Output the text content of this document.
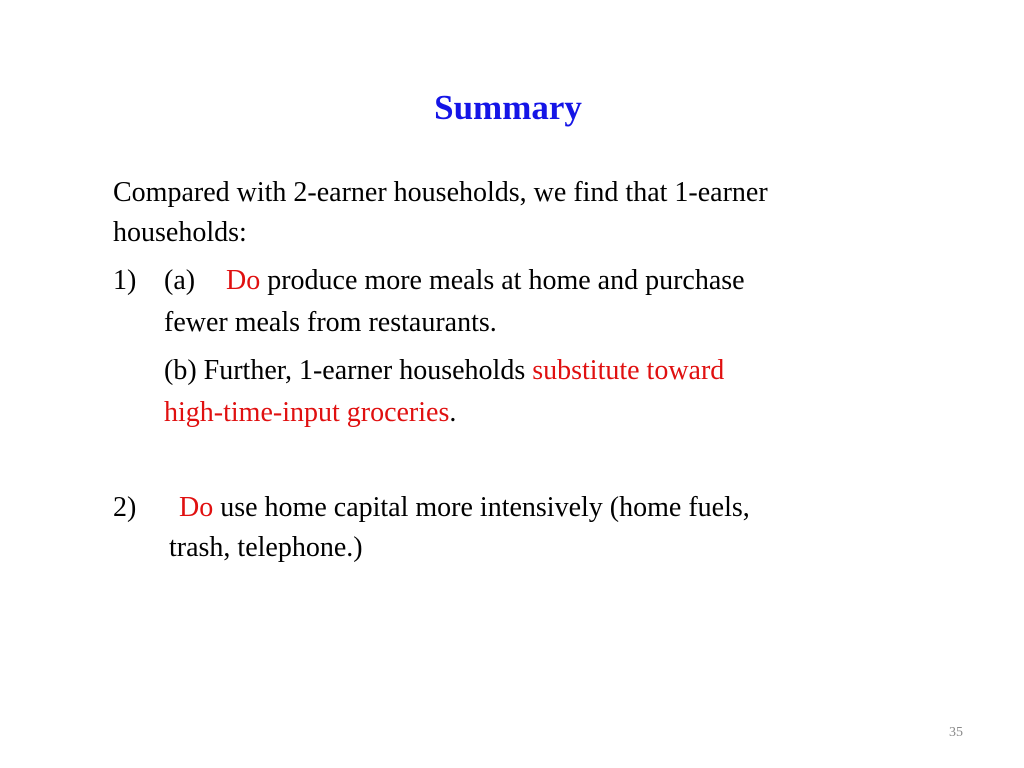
Summary
Compared with 2-earner households, we find that 1-earner
households:
1) (a) Do produce more meals at home and purchase
fewer meals from restaurants.
(b) Further, 1-earner households substitute toward
high-time-input groceries.
2) Do use home capital more intensively (home fuels,
trash, telephone.)
35
